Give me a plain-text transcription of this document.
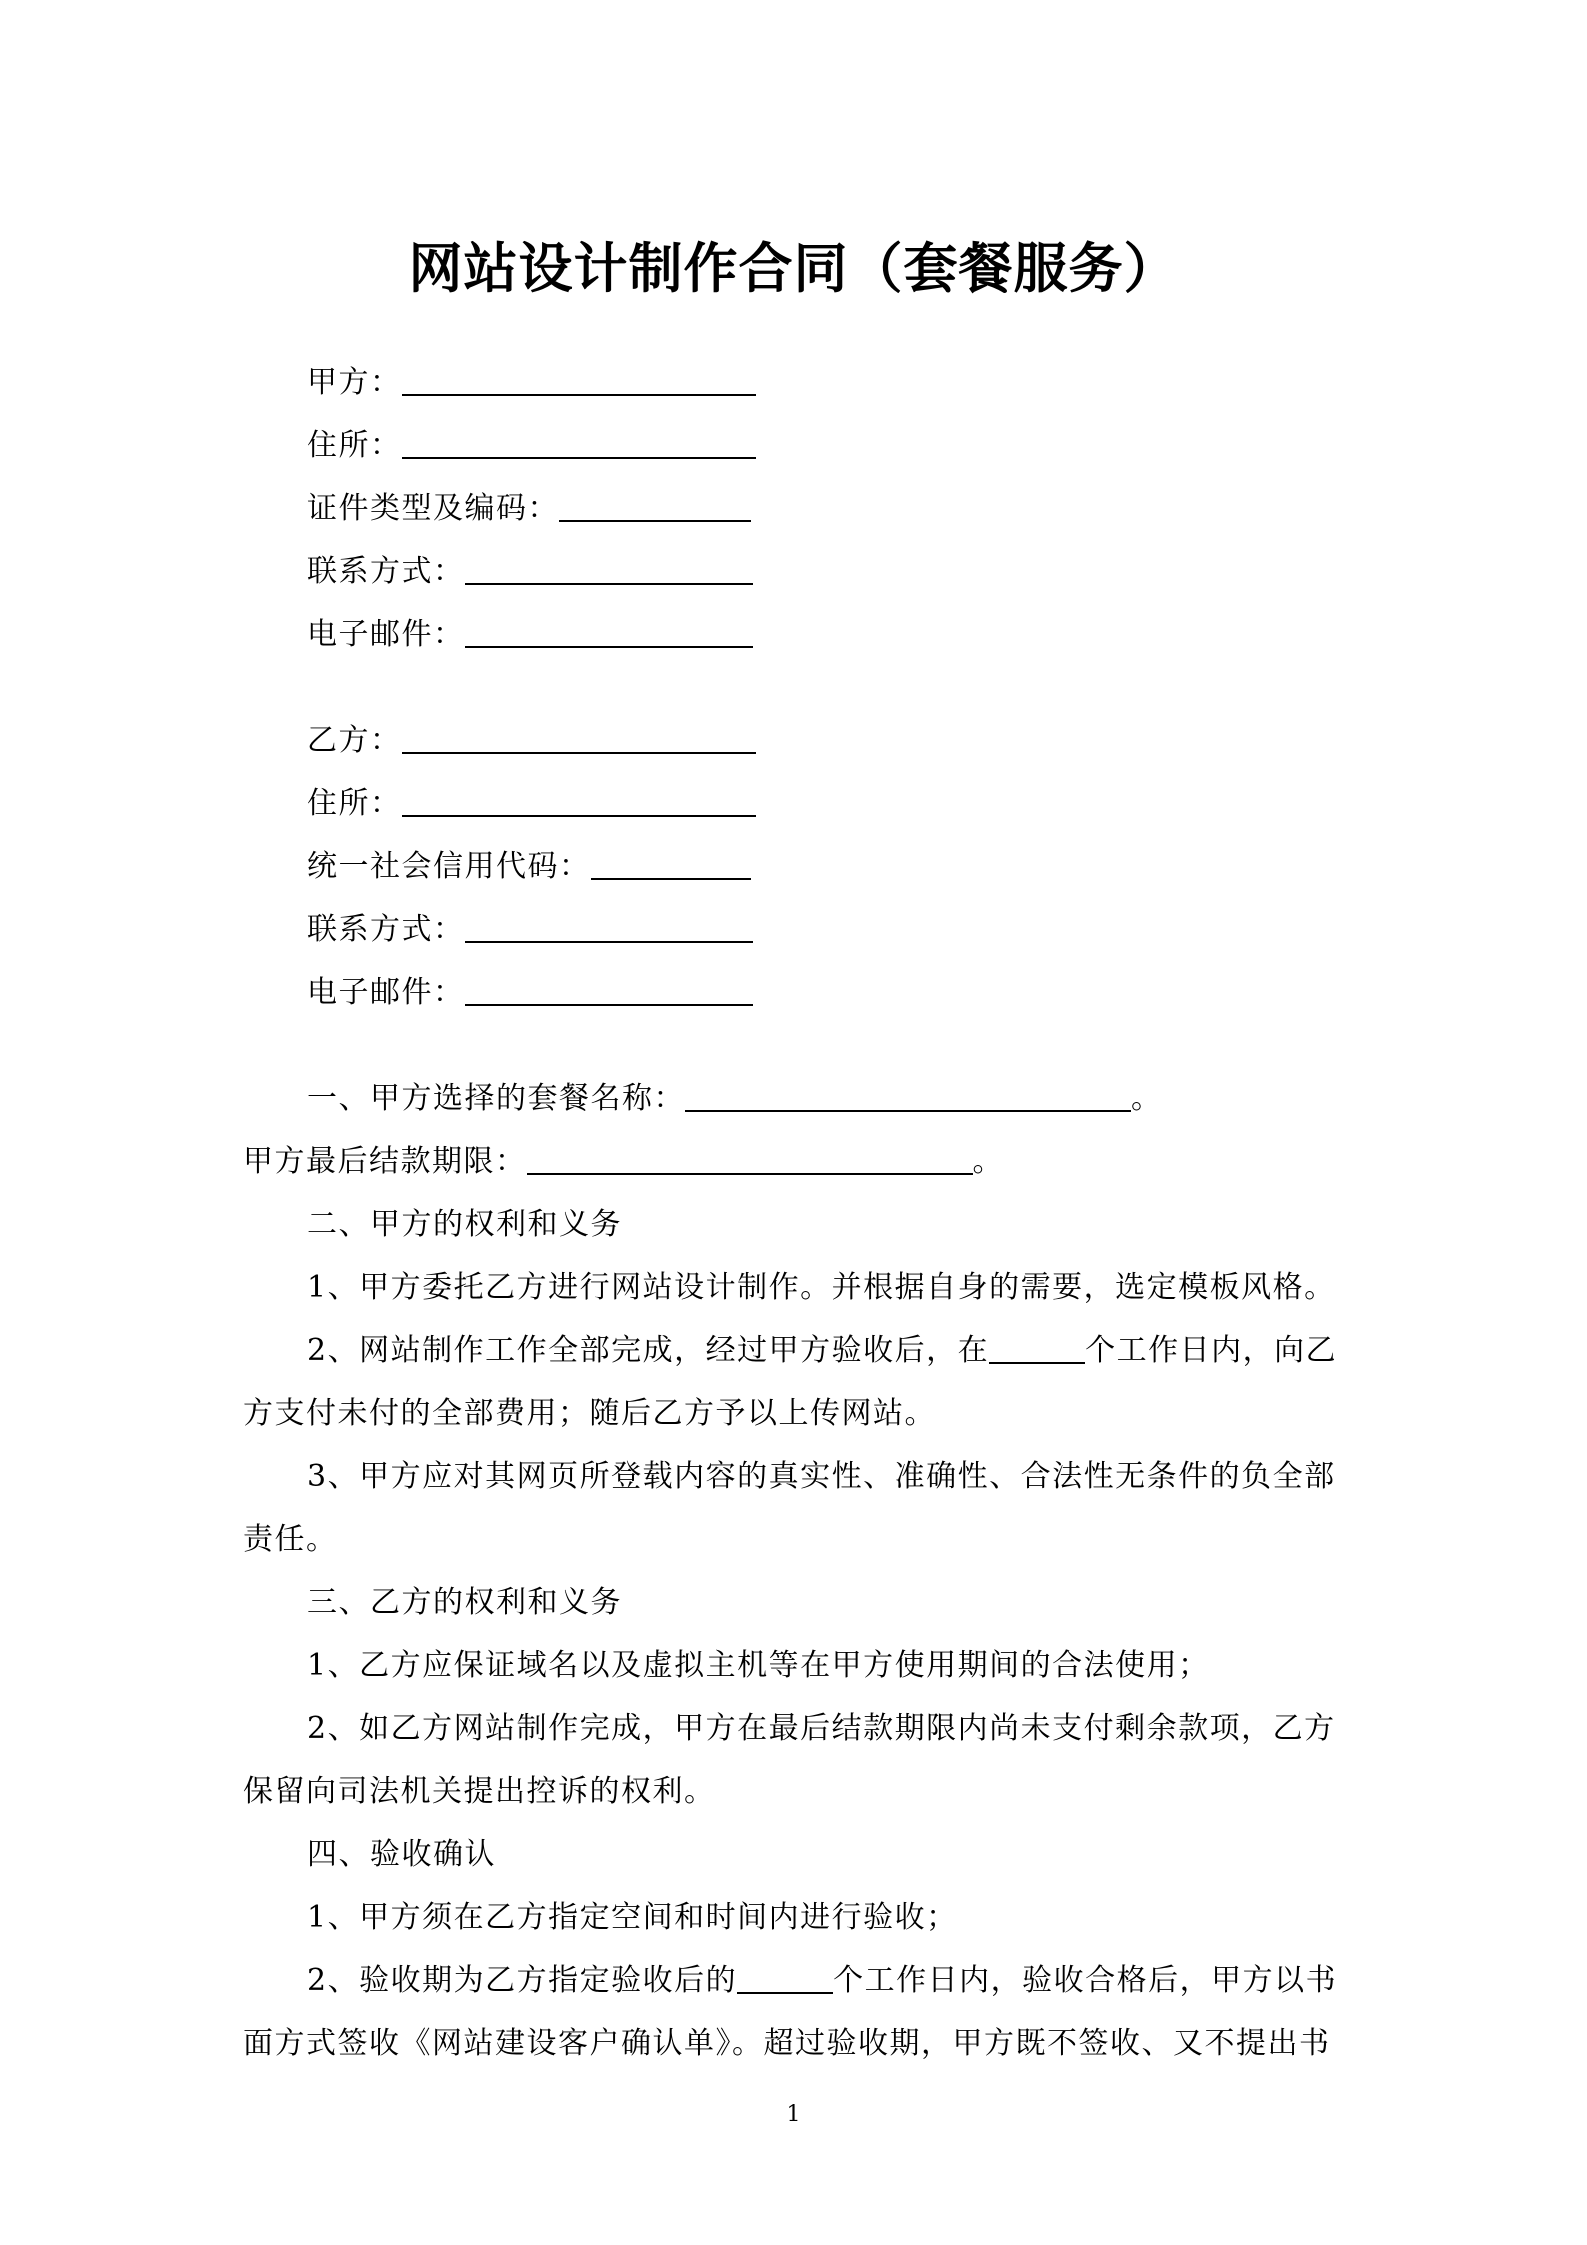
网站设计制作合同（套餐服务）
甲方：
住所：
证件类型及编码：
联系方式：
电子邮件：
乙方：
住所：
统一社会信用代码：
联系方式：
电子邮件：
一、甲方选择的套餐名称：	。
甲方最后结款期限：	。
二、甲方的权利和义务
1、甲方委托乙方进行网站设计制作。并根据自身的需要，选定模板风格。
2、网站制作工作全部完成，经过甲方验收后，在	个工作日内，向乙
方支付未付的全部费用；随后乙方予以上传网站。
3、甲方应对其网页所登载内容的真实性、准确性、合法性无条件的负全部
责任。
三、乙方的权利和义务
1、乙方应保证域名以及虚拟主机等在甲方使用期间的合法使用；
2、如乙方网站制作完成，甲方在最后结款期限内尚未支付剩余款项，乙方
保留向司法机关提出控诉的权利。
四、验收确认
1、甲方须在乙方指定空间和时间内进行验收；
2、验收期为乙方指定验收后的	个工作日内，验收合格后，甲方以书
面方式签收《网站建设客户确认单》。超过验收期，甲方既不签收、又不提出书
1
